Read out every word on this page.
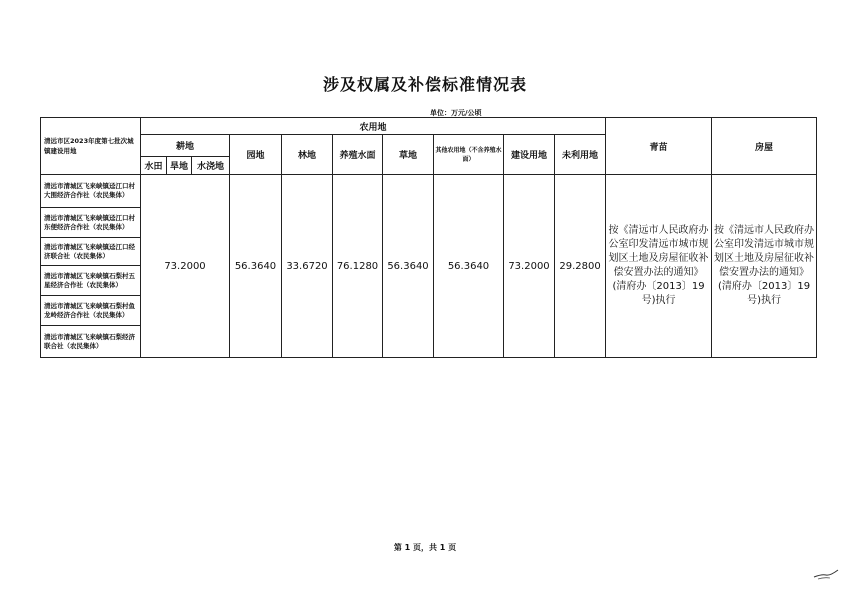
涉及权属及补偿标准情况表
单位：万元/公顷
清远市区2023年度第七批次城镇建设用地	农用地										青苗	房屋
	耕地			园地	林地	养殖水面	草地	其他农用地（不含养殖水面）	建设用地	未利用地		
	水田	旱地	水浇地									
清远市清城区飞来峡镇迳江口村大围经济合作社（农民集体）	73.2000			56.3640	33.6720	76.1280	56.3640	56.3640	73.2000	29.2800	按《清远市人民政府办公室印发清远市城市规划区土地及房屋征收补偿安置办法的通知》(清府办〔2013〕19号)执行	按《清远市人民政府办公室印发清远市城市规划区土地及房屋征收补偿安置办法的通知》(清府办〔2013〕19号)执行
清远市清城区飞来峡镇迳江口村东便经济合作社（农民集体）												
清远市清城区飞来峡镇迳江口经济联合社（农民集体）												
清远市清城区飞来峡镇石梨村五星经济合作社（农民集体）												
清远市清城区飞来峡镇石梨村鱼龙岭经济合作社（农民集体）												
清远市清城区飞来峡镇石梨经济联合社（农民集体）												
第 1 页，共 1 页
